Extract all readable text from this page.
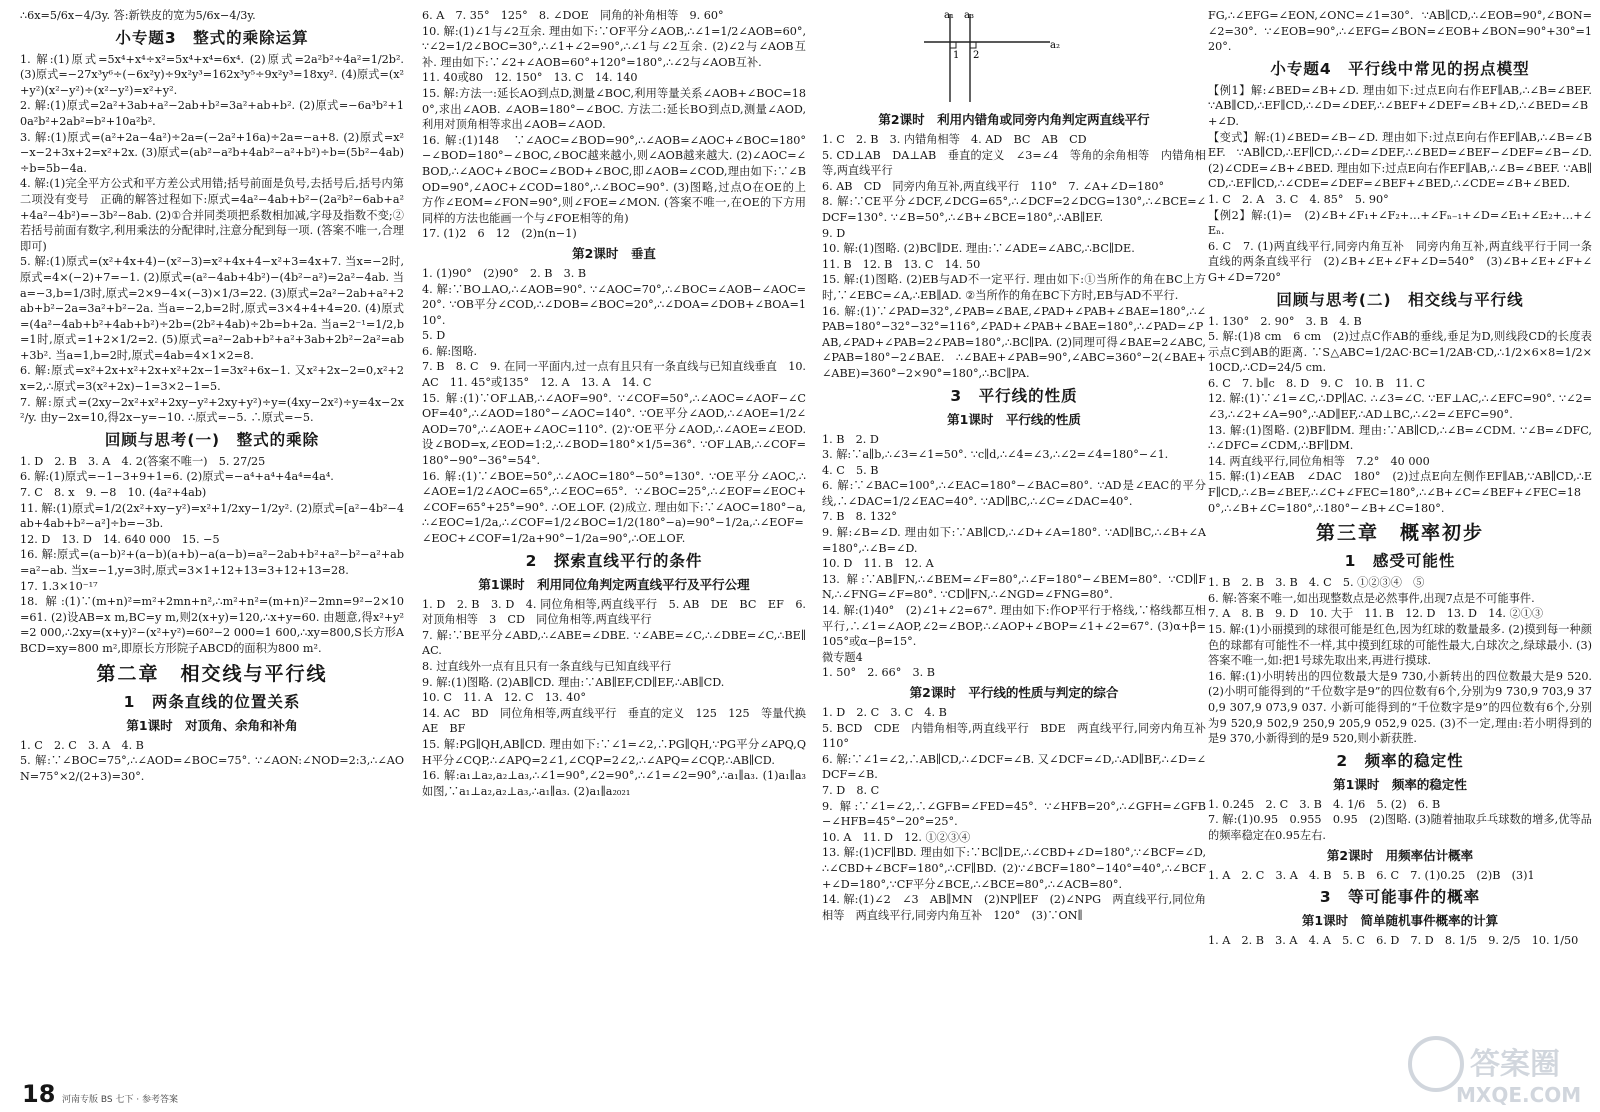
∴6x=5/6x−4/3y. 答:新铁皮的宽为5/6x−4/3y.
小专题3　整式的乘除运算
1. 解:(1)原式=5x⁴+x⁴÷x²=5x⁴+x⁴=6x⁴. (2)原式=2a²b²÷4a²=1/2b². (3)原式=−27x³y⁶÷(−6x²y)÷9x²y³=162x³y⁵÷9x²y³=18xy². (4)原式=(x²+y²)(x²−y²)÷(x²−y²)=x²+y².
2. 解:(1)原式=2a²+3ab+a²−2ab+b²=3a²+ab+b². (2)原式=−6a³b²+10a²b²+2ab²=b²+10a²b².
3. 解:(1)原式=(a²+2a−4a²)÷2a=(−2a²+16a)÷2a=−a+8. (2)原式=x²−x−2+3x+2=x²+2x. (3)原式=(ab²−a²b+4ab²−a²+b²)÷b=(5b²−4ab)÷b=5b−4a.
4. 解:(1)完全平方公式和平方差公式用错;括号前面是负号,去括号后,括号内第二项没有变号　正确的解答过程如下:原式=4a²−4ab+b²−(2a²b²−6ab+a²+4a²−4b²)=−3b²−8ab. (2)①合并同类项把系数相加减,字母及指数不变;②若括号前面有数字,利用乘法的分配律时,注意分配到每一项. (答案不唯一,合理即可)
5. 解:(1)原式=(x²+4x+4)−(x²−3)=x²+4x+4−x²+3=4x+7. 当x=−2时,原式=4×(−2)+7=−1. (2)原式=(a²−4ab+4b²)−(4b²−a²)=2a²−4ab. 当a=−3,b=1/3时,原式=2×9−4×(−3)×1/3=22. (3)原式=2a²−2ab+a²+2ab+b²−2a=3a²+b²−2a. 当a=−2,b=2时,原式=3×4+4+4=20. (4)原式=(4a²−4ab+b²+4ab+b²)÷2b=(2b²+4ab)÷2b=b+2a. 当a=2⁻¹=1/2,b=1时,原式=1+2×1/2=2. (5)原式=a²−2ab+b²+a²+3ab+2b²−2a²=ab+3b². 当a=1,b=2时,原式=4ab=4×1×2=8.
6. 解:原式=x²+2x+x²+2x+x²+2x−1=3x²+6x−1. 又x²+2x−2=0,x²+2x=2,∴原式=3(x²+2x)−1=3×2−1=5.
7. 解:原式=(2xy−2x²+x²+2xy−y²+2xy+y²)÷y=(4xy−2x²)÷y=4x−2x²/y. 由y−2x=10,得2x−y=−10. ∴原式=−5. ∴原式=−5.
回顾与思考(一)　整式的乘除
1. D　2. B　3. A　4. 2(答案不唯一)　5. 27/25
6. 解:(1)原式=−1−3+9+1=6. (2)原式=−a⁴+a⁴+4a⁴=4a⁴.
7. C　8. x　9. −8　10. (4a²+4ab)
11. 解:(1)原式=1/2(2x²+xy−y²)=x²+1/2xy−1/2y². (2)原式=[a²−4b²−4ab+4ab+b²−a²]÷b=−3b.
12. D　13. D　14. 640 000　15. −5
16. 解:原式=(a−b)²+(a−b)(a+b)−a(a−b)=a²−2ab+b²+a²−b²−a²+ab=a²−ab. 当x=−1,y=3时,原式=3×1+12+13=3+12+13=28.
17. 1.3×10⁻¹⁷
18. 解:(1)∵(m+n)²=m²+2mn+n²,∴m²+n²=(m+n)²−2mn=9²−2×10=61. (2)设AB=x m,BC=y m,则2(x+y)=120,∴x+y=60. 由题意,得x²+y²=2 000,∴2xy=(x+y)²−(x²+y²)=60²−2 000=1 600,∴xy=800,S长方形ABCD=xy=800 m²,即原长方形院子ABCD的面积为800 m².
第二章　相交线与平行线
1　两条直线的位置关系
第1课时　对顶角、余角和补角
1. C　2. C　3. A　4. B
5. 解:∵∠BOC=75°,∴∠AOD=∠BOC=75°. ∵∠AON:∠NOD=2:3,∴∠AON=75°×2/(2+3)=30°.
6. A　7. 35°　125°　8. ∠DOE　同角的补角相等　9. 60°
10. 解:(1)∠1与∠2互余. 理由如下:∵OF平分∠AOB,∴∠1=1/2∠AOB=60°,∵∠2=1/2∠BOC=30°,∴∠1+∠2=90°,∴∠1与∠2互余. (2)∠2与∠AOB互补. 理由如下:∵∠2+∠AOB=60°+120°=180°,∴∠2与∠AOB互补.
11. 40或80　12. 150°　13. C　14. 140
15. 解:方法一:延长AO到点D,测量∠BOC,利用等量关系∠AOB+∠BOC=180°,求出∠AOB. ∠AOB=180°−∠BOC. 方法二:延长BO到点D,测量∠AOD,利用对顶角相等求出∠AOB=∠AOD.
16. 解:(1)148　∵∠AOC=∠BOD=90°,∴∠AOB=∠AOC+∠BOC=180°−∠BOD=180°−∠BOC,∠BOC越来越小,则∠AOB越来越大. (2)∠AOC=∠BOD,∴∠AOC+∠BOC=∠BOD+∠BOC,即∠AOB=∠COD,理由如下:∵∠BOD=90°,∠AOC+∠COD=180°,∴∠BOC=90°. (3)图略,过点O在OE的上方作∠EOM=∠FON=90°,则∠FOE=∠MON. (答案不唯一,在OE的下方用同样的方法也能画一个与∠FOE相等的角)
17. (1)2　6　12　(2)n(n−1)
第2课时　垂直
1. (1)90°　(2)90°　2. B　3. B
4. 解:∵BO⊥AO,∴∠AOB=90°. ∵∠AOC=70°,∴∠BOC=∠AOB−∠AOC=20°. ∵OB平分∠COD,∴∠DOB=∠BOC=20°,∴∠DOA=∠DOB+∠BOA=110°.
5. D
6. 解:图略.
7. B　8. C　9. 在同一平面内,过一点有且只有一条直线与已知直线垂直　10. AC　11. 45°或135°　12. A　13. A　14. C
15. 解:(1)∵OF⊥AB,∴∠AOF=90°. ∵∠COF=50°,∴∠AOC=∠AOF−∠COF=40°,∴∠AOD=180°−∠AOC=140°. ∵OE平分∠AOD,∴∠AOE=1/2∠AOD=70°,∴∠AOE+∠AOC=110°. (2)∵OE平分∠AOD,∴∠AOE=∠EOD. 设∠BOD=x,∠EOD=1:2,∴∠BOD=180°×1/5=36°. ∵OF⊥AB,∴∠COF=180°−90°−36°=54°.
16. 解:(1)∵∠BOE=50°,∴∠AOC=180°−50°=130°. ∵OE平分∠AOC,∴∠AOE=1/2∠AOC=65°,∴∠EOC=65°. ∵∠BOC=25°,∴∠EOF=∠EOC+∠COF=65°+25°=90°. ∴OE⊥OF. (2)成立. 理由如下:∵∠AOC=180°−a,∴∠EOC=1/2a,∴∠COF=1/2∠BOC=1/2(180°−a)=90°−1/2a,∴∠EOF=∠EOC+∠COF=1/2a+90°−1/2a=90°,∴OE⊥OF.
2　探索直线平行的条件
第1课时　利用同位角判定两直线平行及平行公理
1. D　2. B　3. D　4. 同位角相等,两直线平行　5. AB　DE　BC　EF　6. 对顶角相等　3　CD　同位角相等,两直线平行
7. 解:∵BE平分∠ABD,∴∠ABE=∠DBE. ∵∠ABE=∠C,∴∠DBE=∠C,∴BE∥AC.
8. 过直线外一点有且只有一条直线与已知直线平行
9. 解:(1)图略. (2)AB∥CD. 理由:∵AB∥EF,CD∥EF,∴AB∥CD.
10. C　11. A　12. C　13. 40°
14. AC　BD　同位角相等,两直线平行　垂直的定义　125　125　等量代换　AE　BF
15. 解:PG∥QH,AB∥CD. 理由如下:∵∠1=∠2,∴PG∥QH,∵PG平分∠APQ,QH平分∠CQP,∴∠APQ=2∠1,∠CQP=2∠2,∴∠APQ=∠CQP,∴AB∥CD.
16. 解:a₁⊥a₂,a₂⊥a₃,∴∠1=90°,∠2=90°,∴∠1=∠2=90°,∴a₁∥a₃. (1)a₁∥a₃　如图,∵a₁⊥a₂,a₂⊥a₃,∴a₁∥a₃. (2)a₁∥a₂₀₂₁
a₁ a₃
1 2
a₂
第2课时　利用内错角或同旁内角判定两直线平行
1. C　2. B　3. 内错角相等　4. AD　BC　AB　CD
5. CD⊥AB　DA⊥AB　垂直的定义　∠3=∠4　等角的余角相等　内错角相等,两直线平行
6. AB　CD　同旁内角互补,两直线平行　110°　7. ∠A+∠D=180°
8. 解:∵CE平分∠DCF,∠DCG=65°,∴∠DCF=2∠DCG=130°,∴∠BCE=∠DCF=130°. ∵∠B=50°,∴∠B+∠BCE=180°,∴AB∥EF.
9. D
10. 解:(1)图略. (2)BC∥DE. 理由:∵∠ADE=∠ABC,∴BC∥DE.
11. B　12. B　13. C　14. 50
15. 解:(1)图略. (2)EB与AD不一定平行. 理由如下:①当所作的角在BC上方时,∵∠EBC=∠A,∴EB∥AD. ②当所作的角在BC下方时,EB与AD不平行.
16. 解:(1)∵∠PAD=32°,∠PAB=∠BAE,∠PAD+∠PAB+∠BAE=180°,∴∠PAB=180°−32°−32°=116°,∠PAD+∠PAB+∠BAE=180°,∴∠PAD=∠PAB,∠PAD+∠PAB=2∠PAB=180°,∴BC∥PA. (2)同理可得∠BAE=2∠ABC,∠PAB=180°−2∠BAE. ∴∠BAE+∠PAB=90°,∠ABC=360°−2(∠BAE+∠ABE)=360°−2×90°=180°,∴BC∥PA.
3　平行线的性质
第1课时　平行线的性质
1. B　2. D
3. 解:∵a∥b,∴∠3=∠1=50°. ∵c∥d,∴∠4=∠3,∴∠2=∠4=180°−∠1.
4. C　5. B
6. 解:∵∠BAC=100°,∴∠EAC=180°−∠BAC=80°. ∵AD是∠EAC的平分线,∴∠DAC=1/2∠EAC=40°. ∵AD∥BC,∴∠C=∠DAC=40°.
7. B　8. 132°
9. 解:∠B=∠D. 理由如下:∵AB∥CD,∴∠D+∠A=180°. ∵AD∥BC,∴∠B+∠A=180°,∴∠B=∠D.
10. D　11. B　12. A
13. 解:∵AB∥FN,∴∠BEM=∠F=80°,∴∠F=180°−∠BEM=80°. ∵CD∥FN,∴∠FNG=∠F=80°. ∵CD∥FN,∴∠NGD=∠FNG=80°.
14. 解:(1)40°　(2)∠1+∠2=67°. 理由如下:作OP平行于格线,∵格线都互相平行,∴∠1=∠AOP,∠2=∠BOP,∴∠AOP+∠BOP=∠1+∠2=67°. (3)α+β=105°或α−β=15°.
微专题4
1. 50°　2. 66°　3. B
第2课时　平行线的性质与判定的综合
1. D　2. C　3. C　4. B
5. BCD　CDE　内错角相等,两直线平行　BDE　两直线平行,同旁内角互补　110°
6. 解:∵∠1=∠2,∴AB∥CD,∴∠DCF=∠B. 又∠DCF=∠D,∴AD∥BF,∴∠D=∠DCF=∠B.
7. D　8. C
9. 解:∵∠1=∠2,∴∠GFB=∠FED=45°. ∵∠HFB=20°,∴∠GFH=∠GFB−∠HFB=45°−20°=25°.
10. A　11. D　12. ①②③④
13. 解:(1)CF∥BD. 理由如下:∵BC∥DE,∴∠CBD+∠D=180°,∵∠BCF=∠D,∴∠CBD+∠BCF=180°,∴CF∥BD. (2)∵∠BCF=180°−140°=40°,∴∠BCF+∠D=180°,∵CF平分∠BCE,∴∠BCE=80°,∴∠ACB=80°.
14. 解:(1)∠2　∠3　AB∥MN　(2)NP∥EF　(2)∠NPG　两直线平行,同位角相等　两直线平行,同旁内角互补　120°　(3)∵ON∥
FG,∴∠EFG=∠EON,∠ONC=∠1=30°. ∵AB∥CD,∴∠EOB=90°,∠BON=∠2=30°. ∵∠EOB=90°,∴∠EFG=∠BON=∠EOB+∠BON=90°+30°=120°.
小专题4　平行线中常见的拐点模型
【例1】解:∠BED=∠B+∠D. 理由如下:过点E向右作EF∥AB,∴∠B=∠BEF. ∵AB∥CD,∴EF∥CD,∴∠D=∠DEF,∴∠BEF+∠DEF=∠B+∠D,∴∠BED=∠B+∠D.
【变式】解:(1)∠BED=∠B−∠D. 理由如下:过点E向右作EF∥AB,∴∠B=∠BEF. ∵AB∥CD,∴EF∥CD,∴∠D=∠DEF,∴∠BED=∠BEF−∠DEF=∠B−∠D. (2)∠CDE=∠B+∠BED. 理由如下:过点E向右作EF∥AB,∴∠B=∠BEF. ∵AB∥CD,∴EF∥CD,∴∠CDE=∠DEF=∠BEF+∠BED,∴∠CDE=∠B+∠BED.
1. C　2. A　3. C　4. 85°　5. 90°
【例2】解:(1)=　(2)∠B+∠F₁+∠F₂+…+∠Fₙ₋₁+∠D=∠E₁+∠E₂+…+∠Eₙ.
6. C　7. (1)两直线平行,同旁内角互补　同旁内角互补,两直线平行于同一条直线的两条直线平行　(2)∠B+∠E+∠F+∠D=540°　(3)∠B+∠E+∠F+∠G+∠D=720°
回顾与思考(二)　相交线与平行线
1. 130°　2. 90°　3. B　4. B
5. 解:(1)8 cm　6 cm　(2)过点C作AB的垂线,垂足为D,则线段CD的长度表示点C到AB的距离. ∵S△ABC=1/2AC·BC=1/2AB·CD,∴1/2×6×8=1/2×10CD,∴CD=24/5 cm.
6. C　7. b∥c　8. D　9. C　10. B　11. C
12. 解:(1)∵∠1=∠C,∴DP∥AC. ∴∠3=∠C. ∵EF⊥AC,∴∠EFC=90°. ∵∠2=∠3,∴∠2+∠A=90°,∴AD∥EF,∴AD⊥BC,∴∠2=∠EFC=90°.
13. 解:(1)图略. (2)BF∥DM. 理由:∵AB∥CD,∴∠B=∠CDM. ∵∠B=∠DFC,∴∠DFC=∠CDM,∴BF∥DM.
14. 两直线平行,同位角相等　7.2°　40 000
15. 解:(1)∠EAB　∠DAC　180°　(2)过点E向左侧作EF∥AB,∵AB∥CD,∴EF∥CD,∴∠B=∠BEF,∴∠C+∠FEC=180°,∴∠B+∠C=∠BEF+∠FEC=180°,∴∠B+∠C=180°,∴180°−∠B+∠C=180°.
第三章　概率初步
1　感受可能性
1. B　2. B　3. B　4. C　5. ①②③④　⑤
6. 解:答案不唯一,如出现整数点是必然事件,出现7点是不可能事件.
7. A　8. B　9. D　10. 大于　11. B　12. D　13. D　14. ②①③
15. 解:(1)小丽摸到的球很可能是红色,因为红球的数量最多. (2)摸到每一种颜色的球都有可能性不一样,其中摸到红球的可能性最大,白球次之,绿球最小. (3)答案不唯一,如:把1号球先取出来,再进行摸球.
16. 解:(1)小明转出的四位数最大是9 730,小新转出的四位数最大是9 520. (2)小明可能得到的“千位数字是9”的四位数有6个,分别为9 730,9 703,9 370,9 307,9 073,9 037. 小新可能得到的“千位数字是9”的四位数有6个,分别为9 520,9 502,9 250,9 205,9 052,9 025. (3)不一定,理由:若小明得到的是9 370,小新得到的是9 520,则小新获胜.
2　频率的稳定性
第1课时　频率的稳定性
1. 0.245　2. C　3. B　4. 1/6　5. (2)　6. B
7. 解:(1)0.95　0.955　0.95　(2)图略. (3)随着抽取乒乓球数的增多,优等品的频率稳定在0.95左右.
第2课时　用频率估计概率
1. A　2. C　3. A　4. B　5. B　6. C　7. (1)0.25　(2)B　(3)1
3　等可能事件的概率
第1课时　简单随机事件概率的计算
1. A　2. B　3. A　4. A　5. C　6. D　7. D　8. 1/5　9. 2/5　10. 1/50
18 河南专版 BS 七下 · 参考答案
答案圈
MXQE.COM
